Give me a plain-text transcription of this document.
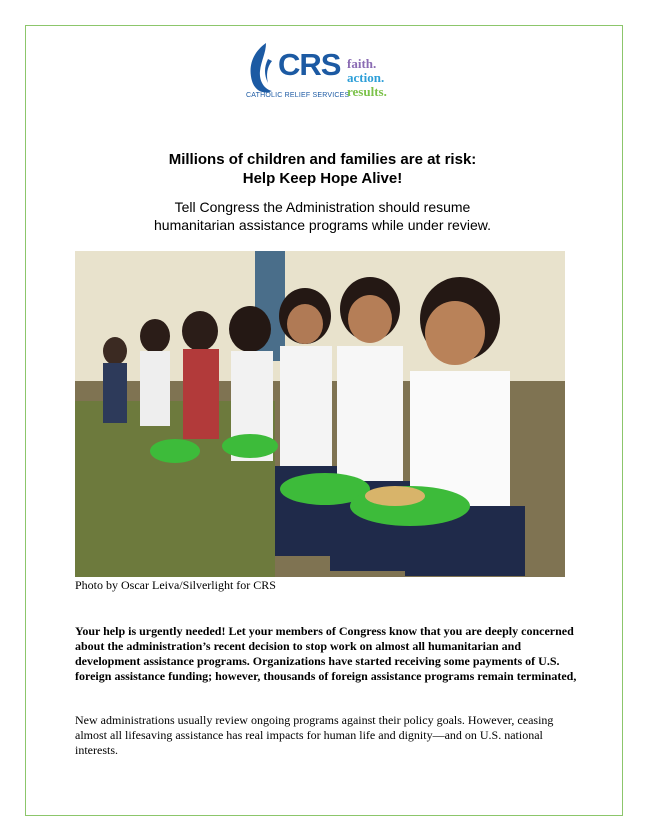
CRS
CATHOLIC RELIEF SERVICES
faith.
action.
results.
Millions of children and families are at risk:
Help Keep Hope Alive!
Tell Congress the Administration should resume
humanitarian assistance programs while under review.
Photo by Oscar Leiva/Silverlight for CRS

Your help is urgently needed! Let your members of Congress know that you are deeply concerned about the administration’s recent decision to stop work on almost all humanitarian and development assistance programs. Organizations have started receiving some payments of U.S. foreign assistance funding; however, thousands of foreign assistance programs remain terminated,

New administrations usually review ongoing programs against their policy goals. However, ceasing almost all lifesaving assistance has real impacts for human life and dignity—and on U.S. national interests.
